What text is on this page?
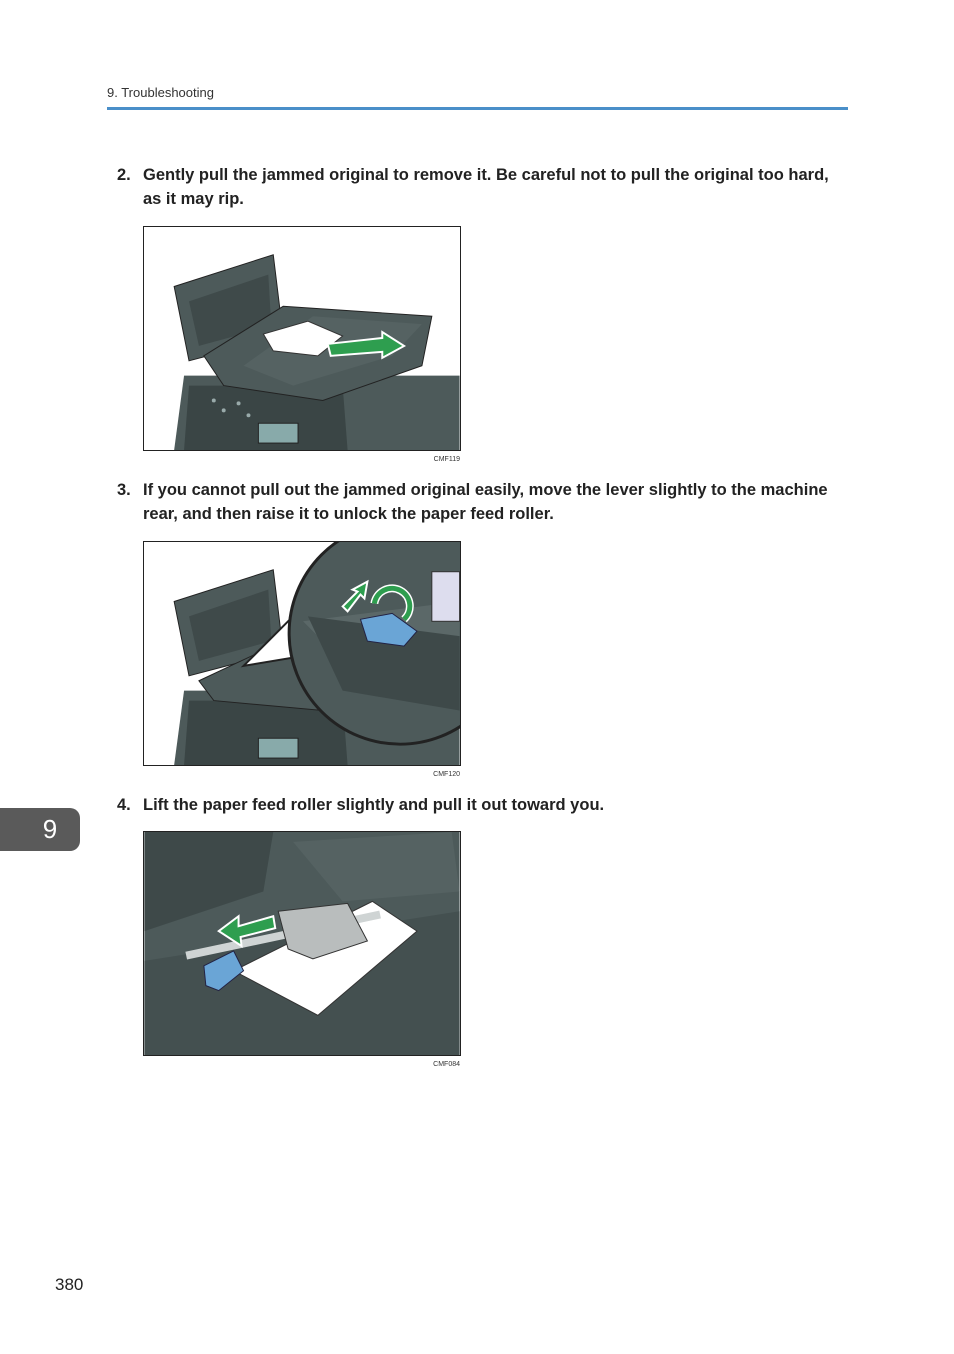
9. Troubleshooting
2. Gently pull the jammed original to remove it. Be careful not to pull the original too hard, as it may rip.
CMF119
3. If you cannot pull out the jammed original easily, move the lever slightly to the machine rear, and then raise it to unlock the paper feed roller.
CMF120
4. Lift the paper feed roller slightly and pull it out toward you.
CMF084
9
380
